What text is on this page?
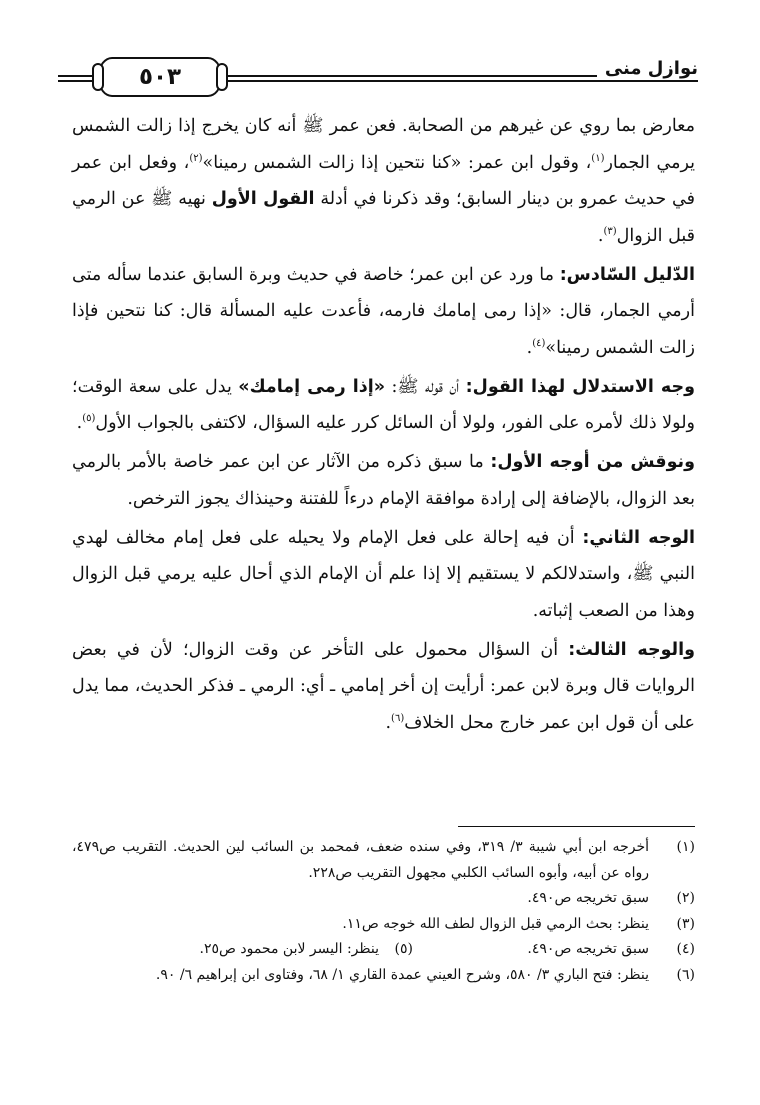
٥٠٣	نوازل منى

معارض بما روي عن غيرهم من الصحابة. فعن عمر ﷺ أنه كان يخرج إذا زالت الشمس يرمي الجمار$^{(١)}$، وقول ابن عمر: «كنا نتحين إذا زالت الشمس رمينا»$^{(٢)}$، وفعل ابن عمر في حديث عمرو بن دينار السابق؛ وقد ذكرنا في أدلة القول الأول نهيه ﷺ عن الرمي قبل الزوال$^{(٣)}$.

الدّليل السّادس: ما ورد عن ابن عمر؛ خاصة في حديث وبرة السابق عندما سأله متى أرمي الجمار، قال: «إذا رمى إمامك فارمه، فأعدت عليه المسألة قال: كنا نتحين فإذا زالت الشمس رمينا»$^{(٤)}$.

وجه الاستدلال لهذا القول: أن قوله ﷺ: «إذا رمى إمامك» يدل على سعة الوقت؛ ولولا ذلك لأمره على الفور، ولولا أن السائل كرر عليه السؤال، لاكتفى بالجواب الأول$^{(٥)}$.

ونوقش من أوجه الأول: ما سبق ذكره من الآثار عن ابن عمر خاصة بالأمر بالرمي بعد الزوال، بالإضافة إلى إرادة موافقة الإمام درءاً للفتنة وحينذاك يجوز الترخص.

الوجه الثاني: أن فيه إحالة على فعل الإمام ولا يحيله على فعل إمام مخالف لهدي النبي ﷺ، واستدلالكم لا يستقيم إلا إذا علم أن الإمام الذي أحال عليه يرمي قبل الزوال وهذا من الصعب إثباته.

والوجه الثالث: أن السؤال محمول على التأخر عن وقت الزوال؛ لأن في بعض الروايات قال وبرة لابن عمر: أرأيت إن أخر إمامي ـ أي: الرمي ـ فذكر الحديث، مما يدل على أن قول ابن عمر خارج محل الخلاف$^{(٦)}$.

(١)
أخرجه ابن أبي شيبة ٣/ ٣١٩، وفي سنده ضعف، فمحمد بن السائب لين الحديث. التقريب ص٤٧٩، رواه عن أبيه، وأبوه السائب الكلبي مجهول التقريب ص٢٢٨.
(٢)
سبق تخريجه ص٤٩٠.
(٣)
ينظر: بحث الرمي قبل الزوال لطف الله خوجه ص١١.
(٤)
سبق تخريجه ص٤٩٠.
(٥)
ينظر: اليسر لابن محمود ص٢٥.
(٦)
ينظر: فتح الباري ٣/ ٥٨٠، وشرح العيني عمدة القاري ١/ ٦٨، وفتاوى ابن إبراهيم ٦/ ٩٠.
